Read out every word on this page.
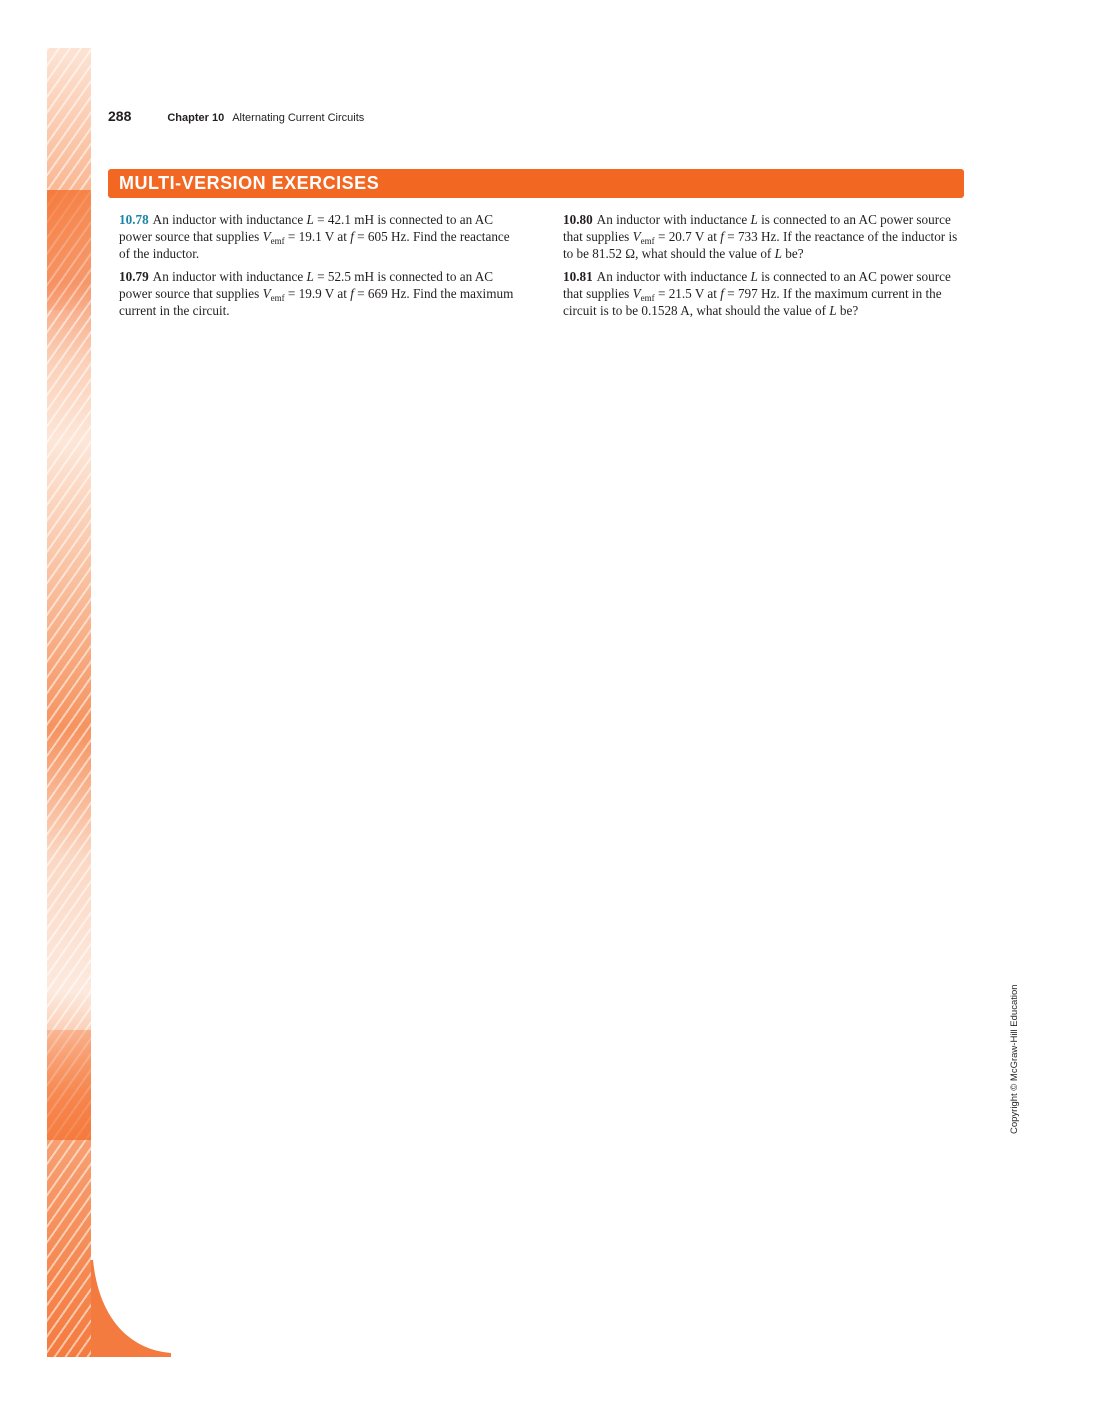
288	Chapter 10 Alternating Current Circuits
MULTI-VERSION EXERCISES

10.78 An inductor with inductance L = 42.1 mH is connected to an AC power source that supplies $V_{emf} = 19.1$ V at f = 605 Hz. Find the reactance of the inductor.

10.79 An inductor with inductance L = 52.5 mH is connected to an AC power source that supplies $V_{emf} = 19.9$ V at f = 669 Hz. Find the maximum current in the circuit.

10.80 An inductor with inductance L is connected to an AC power source that supplies $V_{emf} = 20.7$ V at f = 733 Hz. If the reactance of the inductor is to be 81.52 Ω, what should the value of L be?

10.81 An inductor with inductance L is connected to an AC power source that supplies $V_{emf} = 21.5$ V at f = 797 Hz. If the maximum current in the circuit is to be 0.1528 A, what should the value of L be?

Copyright © McGraw-Hill Education
